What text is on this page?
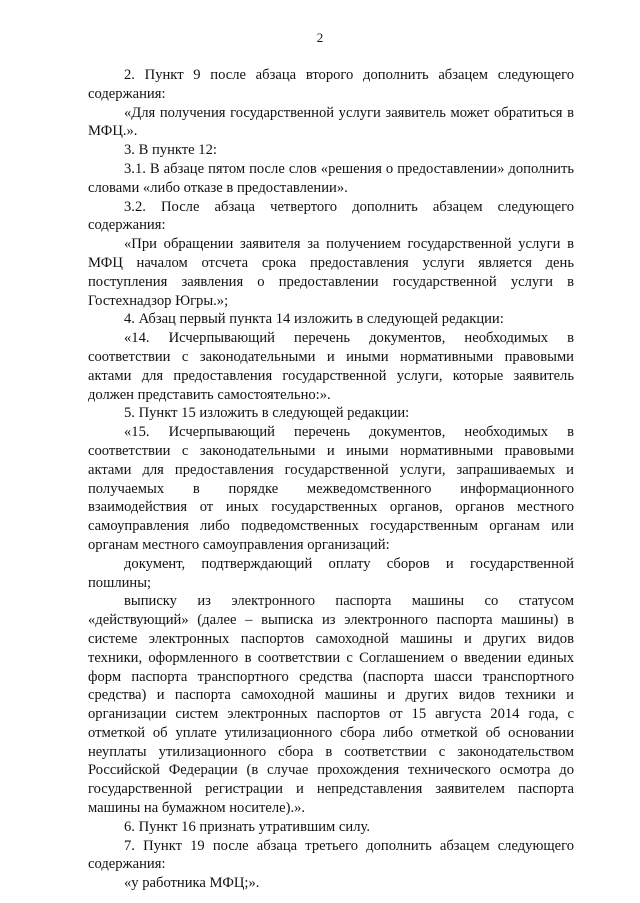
2

2. Пункт 9 после абзаца второго дополнить абзацем следующего содержания:

«Для получения государственной услуги заявитель может обратиться в МФЦ.».

3. В пункте 12:

3.1. В абзаце пятом после слов «решения о предоставлении» дополнить словами «либо отказе в предоставлении».

3.2. После абзаца четвертого дополнить абзацем следующего содержания:

«При обращении заявителя за получением государственной услуги в МФЦ началом отсчета срока предоставления услуги является день поступления заявления о предоставлении государственной услуги в Гостехнадзор Югры.»;

4. Абзац первый пункта 14 изложить в следующей редакции:

«14. Исчерпывающий перечень документов, необходимых в соответствии с законодательными и иными нормативными правовыми актами для предоставления государственной услуги, которые заявитель должен представить самостоятельно:».

5. Пункт 15 изложить в следующей редакции:

«15. Исчерпывающий перечень документов, необходимых в соответствии с законодательными и иными нормативными правовыми актами для предоставления государственной услуги, запрашиваемых и получаемых в порядке межведомственного информационного взаимодействия от иных государственных органов, органов местного самоуправления либо подведомственных государственным органам или органам местного самоуправления организаций:

документ, подтверждающий оплату сборов и государственной пошлины;

выписку из электронного паспорта машины со статусом «действующий» (далее – выписка из электронного паспорта машины) в системе электронных паспортов самоходной машины и других видов техники, оформленного в соответствии с Соглашением о введении единых форм паспорта транспортного средства (паспорта шасси транспортного средства) и паспорта самоходной машины и других видов техники и организации систем электронных паспортов от 15 августа 2014 года, с отметкой об уплате утилизационного сбора либо отметкой об основании неуплаты утилизационного сбора в соответствии с законодательством Российской Федерации (в случае прохождения технического осмотра до государственной регистрации и непредставления заявителем паспорта машины на бумажном носителе).».

6. Пункт 16 признать утратившим силу.

7. Пункт 19 после абзаца третьего дополнить абзацем следующего содержания:

«у работника МФЦ;».
